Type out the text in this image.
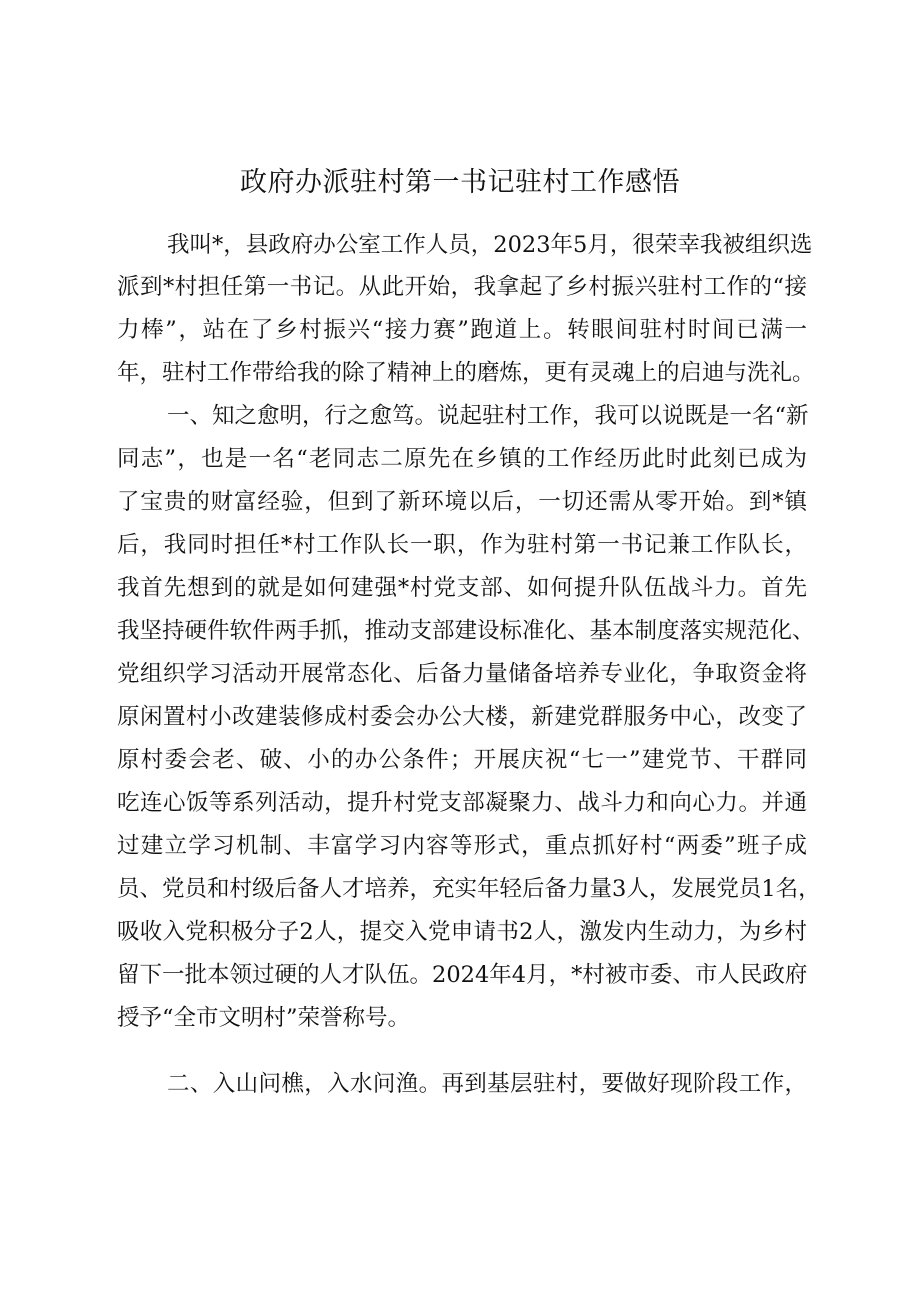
政府办派驻村第一书记驻村工作感悟
我叫*，县政府办公室工作人员，2023年5月，很荣幸我被组织选
派到*村担任第一书记。从此开始，我拿起了乡村振兴驻村工作的“接
力棒”，站在了乡村振兴“接力赛”跑道上。转眼间驻村时间已满一
年，驻村工作带给我的除了精神上的磨炼，更有灵魂上的启迪与洗礼。
一、知之愈明，行之愈笃。说起驻村工作，我可以说既是一名“新
同志”，也是一名“老同志二原先在乡镇的工作经历此时此刻已成为
了宝贵的财富经验，但到了新环境以后，一切还需从零开始。到*镇
后，我同时担任*村工作队长一职，作为驻村第一书记兼工作队长，
我首先想到的就是如何建强*村党支部、如何提升队伍战斗力。首先
我坚持硬件软件两手抓，推动支部建设标准化、基本制度落实规范化、
党组织学习活动开展常态化、后备力量储备培养专业化，争取资金将
原闲置村小改建装修成村委会办公大楼，新建党群服务中心，改变了
原村委会老、破、小的办公条件；开展庆祝“七一”建党节、干群同
吃连心饭等系列活动，提升村党支部凝聚力、战斗力和向心力。并通
过建立学习机制、丰富学习内容等形式，重点抓好村“两委”班子成
员、党员和村级后备人才培养，充实年轻后备力量3人，发展党员1名，
吸收入党积极分子2人，提交入党申请书2人，激发内生动力，为乡村
留下一批本领过硬的人才队伍。2024年4月，*村被市委、市人民政府
授予“全市文明村”荣誉称号。
二、入山问樵，入水问渔。再到基层驻村，要做好现阶段工作，
